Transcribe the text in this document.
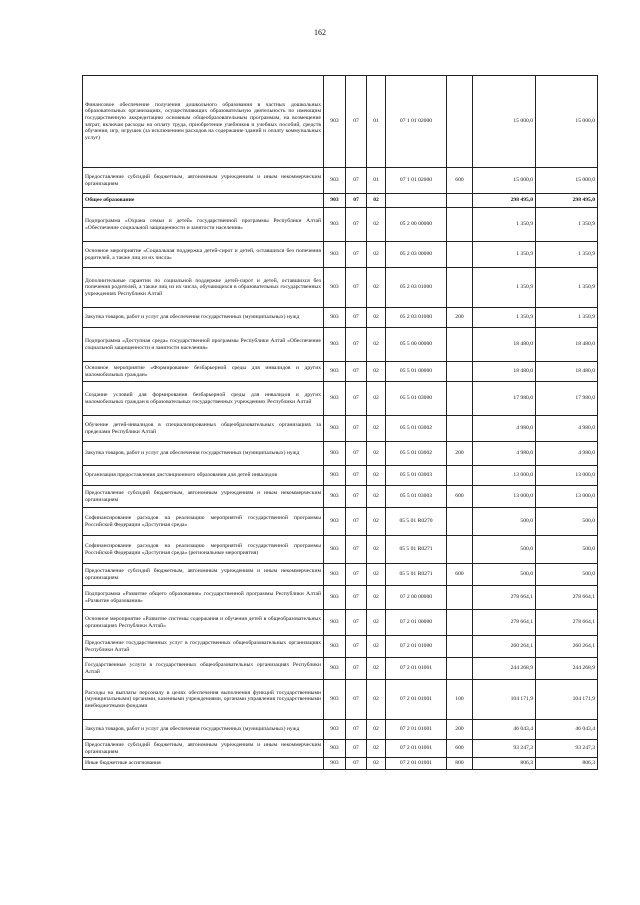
162
Финансовое обеспечение получения дошкольного образования в частных дошкольных образовательных организациях, осуществляющих образовательную деятельность по имеющим государственную аккредитацию основным общеобразовательным программам, на возмещение затрат, включая расходы на оплату труда, приобретение учебников и учебных пособий, средств обучения, игр, игрушек (за исключением расходов на содержание зданий и оплату коммунальных услуг)	903	07	01	07 1 01 02000		15 000,0	15 000,0
Предоставление субсидий бюджетным, автономным учреждениям и иным некоммерческим организациям	903	07	01	07 1 01 02000	600	15 000,0	15 000,0
Общее образование	903	07	02			298 495,0	298 495,0
Подпрограмма «Охрана семьи и детей» государственной программы Республики Алтай «Обеспечение социальной защищенности и занятости населения»	903	07	02	05 2 00 00000		1 350,9	1 350,9
Основное мероприятие «Социальная поддержка детей-сирот и детей, оставшихся без попечения родителей, а также лиц из их числа»	903	07	02	05 2 03 00000		1 350,9	1 350,9
Дополнительные гарантии по социальной поддержке детей-сирот и детей, оставшихся без попечения родителей, а также лиц из их числа, обучающихся в образовательных государственных учреждениях Республики Алтай	903	07	02	05 2 03 01000		1 350,9	1 350,9
Закупка товаров, работ и услуг для обеспечения государственных (муниципальных) нужд	903	07	02	05 2 03 01000	200	1 350,9	1 350,9
Подпрограмма «Доступная среда» государственной программы Республики Алтай «Обеспечение социальной защищенности и занятости населения»	903	07	02	05 5 00 00000		18 480,0	18 480,0
Основное мероприятие «Формирование безбарьерной среды для инвалидов и других маломобильных граждан»	903	07	02	05 5 01 00000		18 480,0	18 480,0
Создание условий для формирования безбарьерной среды для инвалидов и других маломобильных граждан в образовательных государственных учреждениях Республики Алтай	903	07	02	05 5 01 03000		17 980,0	17 980,0
Обучение детей-инвалидов в специализированных общеобразовательных организациях за пределами Республики Алтай	903	07	02	05 5 01 03002		4 980,0	4 980,0
Закупка товаров, работ и услуг для обеспечения государственных (муниципальных) нужд	903	07	02	05 5 01 03002	200	4 980,0	4 980,0
Организация предоставления дистанционного образования для детей инвалидов	903	07	02	05 5 01 03003		13 000,0	13 000,0
Предоставление субсидий бюджетным, автономным учреждениям и иным некоммерческим организациям	903	07	02	05 5 01 03003	600	13 000,0	13 000,0
Софинансирование расходов на реализацию мероприятий государственной программы Российской Федерации «Доступная среда»	903	07	02	05 5 01 R0270		500,0	500,0
Софинансирование расходов на реализацию мероприятий государственной программы Российской Федерации «Доступная среда» (региональные мероприятия)	903	07	02	05 5 01 R0271		500,0	500,0
Предоставление субсидий бюджетным, автономным учреждениям и иным некоммерческим организациям	903	07	02	05 5 01 R0271	600	500,0	500,0
Подпрограмма «Развитие общего образования» государственной программы Республики Алтай «Развитие образования»	903	07	02	07 2 00 00000		278 664,1	278 664,1
Основное мероприятие «Развитие системы содержания и обучения детей в общеобразовательных организациях Республики Алтай»	903	07	02	07 2 01 00000		278 664,1	278 664,1
Предоставление государственных услуг в государственных общеобразовательных организациях Республики Алтай	903	07	02	07 2 01 01000		260 264,1	260 264,1
Государственные услуги в государственных общеобразовательных организациях Республики Алтай	903	07	02	07 2 01 01001		244 268,9	244 268,9
Расходы на выплаты персоналу в целях обеспечения выполнения функций государственными (муниципальными) органами, казенными учреждениями, органами управления государственными внебюджетными фондами	903	07	02	07 2 01 01001	100	104 171,9	104 171,9
Закупка товаров, работ и услуг для обеспечения государственных (муниципальных) нужд	903	07	02	07 2 01 01001	200	46 043,4	46 043,4
Предоставление субсидий бюджетным, автономным учреждениям и иным некоммерческим организациям	903	07	02	07 2 01 01001	600	93 247,3	93 247,3
Иные бюджетные ассигнования	903	07	02	07 2 01 01001	800	806,3	806,3
